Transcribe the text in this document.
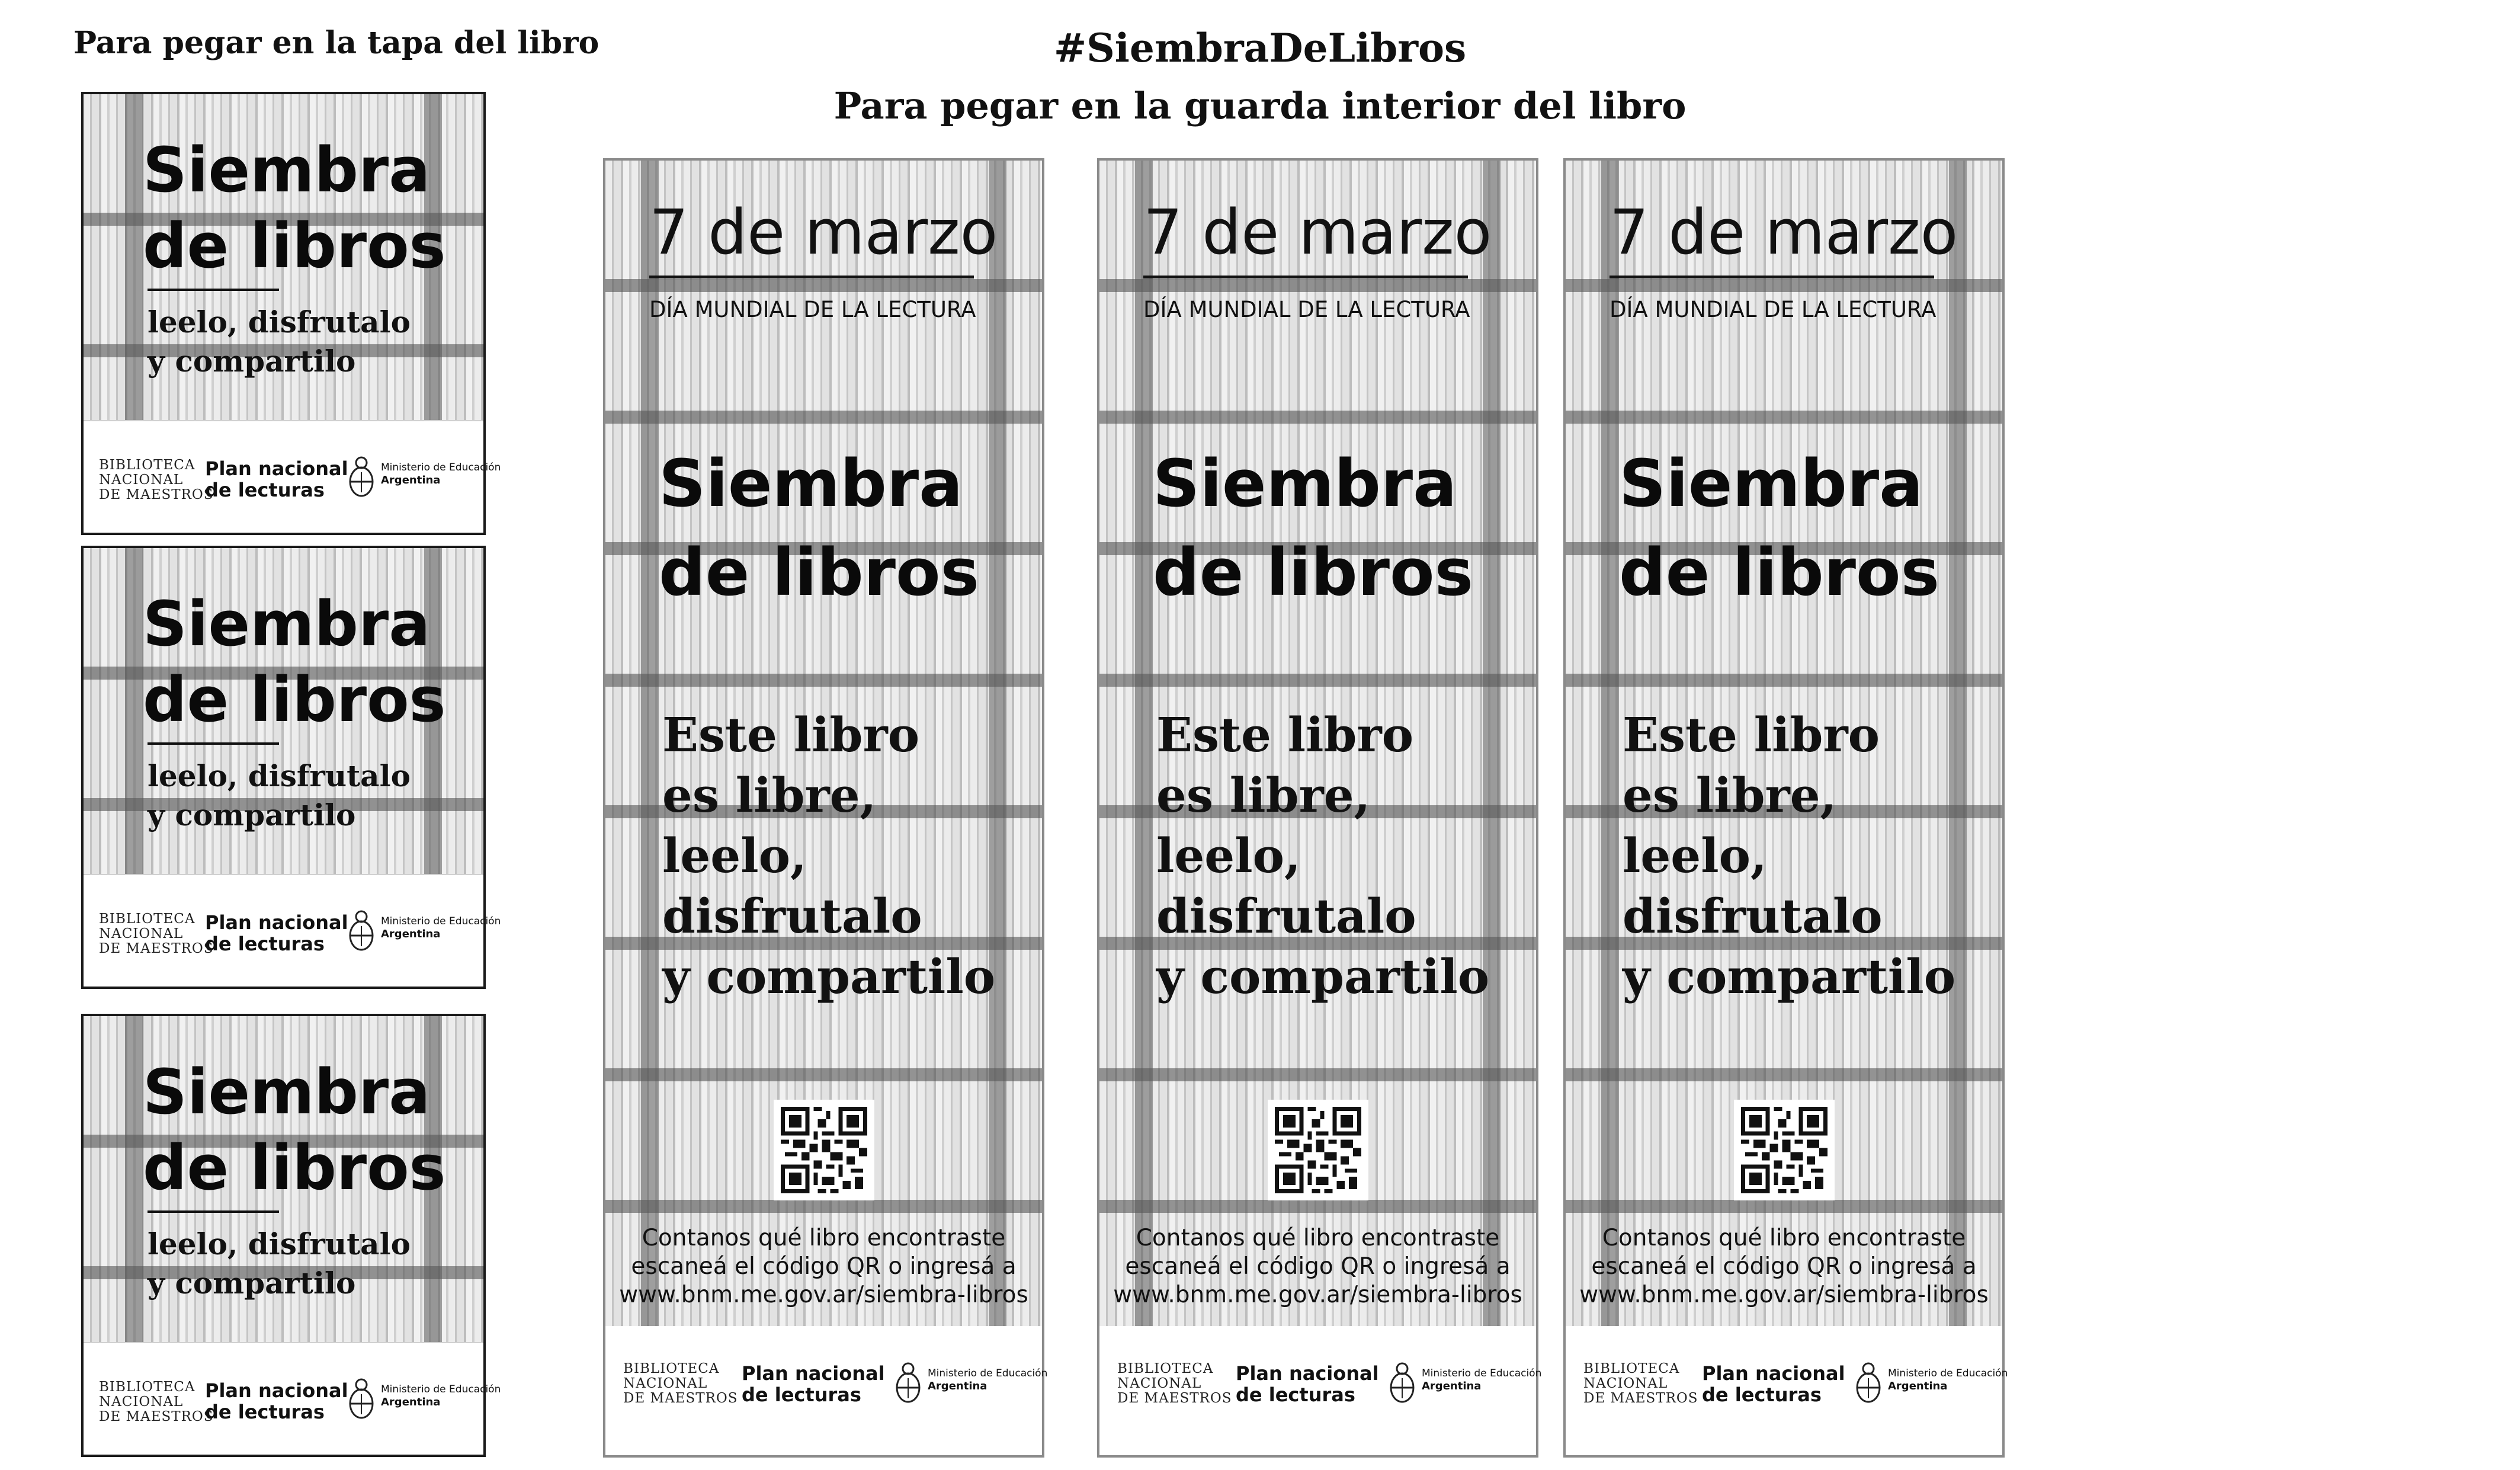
Para pegar en la tapa del libro	#SiembraDeLibros
Para pegar en la guarda interior del libro
Siembra
de libros
leelo, disfrutalo
y compartilo
BIBLIOTECA
NACIONAL
DE MAESTROS
Plan nacional
de lecturas
Ministerio de Educación
Argentina
Siembra
de libros
leelo, disfrutalo
y compartilo
BIBLIOTECA
NACIONAL
DE MAESTROS
Plan nacional
de lecturas
Ministerio de Educación
Argentina
Siembra
de libros
leelo, disfrutalo
y compartilo
BIBLIOTECA
NACIONAL
DE MAESTROS
Plan nacional
de lecturas
Ministerio de Educación
Argentina
7 de marzo
DÍA MUNDIAL DE LA LECTURA
Siembra
de libros
Este libro
es libre,
leelo,
disfrutalo
y compartilo
Contanos qué libro encontraste
escaneá el código QR o ingresá a
www.bnm.me.gov.ar/siembra-libros
BIBLIOTECA
NACIONAL
DE MAESTROS
Plan nacional
de lecturas
Ministerio de Educación
Argentina
7 de marzo
DÍA MUNDIAL DE LA LECTURA
Siembra
de libros
Este libro
es libre,
leelo,
disfrutalo
y compartilo
Contanos qué libro encontraste
escaneá el código QR o ingresá a
www.bnm.me.gov.ar/siembra-libros
BIBLIOTECA
NACIONAL
DE MAESTROS
Plan nacional
de lecturas
Ministerio de Educación
Argentina
7 de marzo
DÍA MUNDIAL DE LA LECTURA
Siembra
de libros
Este libro
es libre,
leelo,
disfrutalo
y compartilo
Contanos qué libro encontraste
escaneá el código QR o ingresá a
www.bnm.me.gov.ar/siembra-libros
BIBLIOTECA
NACIONAL
DE MAESTROS
Plan nacional
de lecturas
Ministerio de Educación
Argentina
